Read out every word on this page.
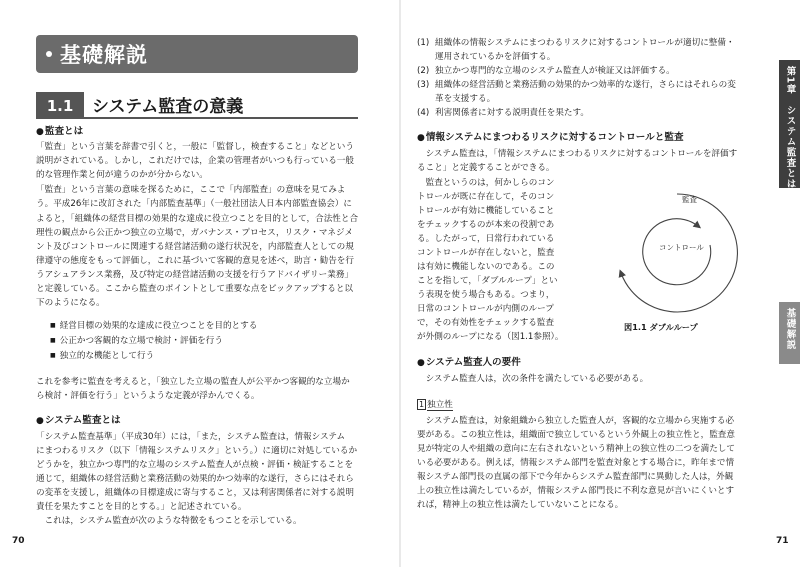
基礎解説
1.1	システム監査の意義
● 監査とは
「監査」という言葉を辞書で引くと，一般に「監督し，検査すること」などという
説明がされている。しかし，これだけでは，企業の管理者がいつも行っている一般
的な管理作業と何が違うのかが分からない。
「監査」という言葉の意味を探るために，ここで「内部監査」の意味を見てみよ
う。平成26年に改訂された「内部監査基準」（一般社団法人日本内部監査協会）に
よると，「組織体の経営目標の効果的な達成に役立つことを目的として，合法性と合
理性の観点から公正かつ独立の立場で，ガバナンス・プロセス，リスク・マネジメ
ント及びコントロールに関連する経営諸活動の遂行状況を，内部監査人としての規
律遵守の態度をもって評価し，これに基づいて客観的意見を述べ，助言・勧告を行
うアシュアランス業務，及び特定の経営諸活動の支援を行うアドバイザリー業務」
と定義している。ここから監査のポイントとして重要な点をピックアップすると以
下のようになる。
■ 経営目標の効果的な達成に役立つことを目的とする
■ 公正かつ客観的な立場で検討・評価を行う
■ 独立的な機能として行う
これを参考に監査を考えると，「独立した立場の監査人が公平かつ客観的な立場か
ら検討・評価を行う」というような定義が浮かんでくる。
● システム監査とは
「システム監査基準」（平成30年）には，「また，システム監査は，情報システム
にまつわるリスク（以下「情報システムリスク」という。）に適切に対処しているか
どうかを，独立かつ専門的な立場のシステム監査人が点検・評価・検証することを
通じて，組織体の経営活動と業務活動の効果的かつ効率的な遂行，さらにはそれら
の変革を支援し，組織体の目標達成に寄与すること，又は利害関係者に対する説明
責任を果たすことを目的とする。」と記述されている。
　これは，システム監査が次のような特徴をもつことを示している。
70
(1) 組織体の情報システムにまつわるリスクに対するコントロールが適切に整備・
運用されているかを評価する。
(2) 独立かつ専門的な立場のシステム監査人が検証又は評価する。
(3) 組織体の経営活動と業務活動の効果的かつ効率的な遂行，さらにはそれらの変
革を支援する。
(4) 利害関係者に対する説明責任を果たす。
● 情報システムにまつわるリスクに対するコントロールと監査
　システム監査は，「情報システムにまつわるリスクに対するコントロールを評価す
ること」と定義することができる。
　監査というのは，何かしらのコン
トロールが既に存在して，そのコン
トロールが有効に機能していること
をチェックするのが本来の役割であ
る。したがって，日常行われている
コントロールが存在しないと，監査
は有効に機能しないのである。この
ことを指して，「ダブルループ」とい
う表現を使う場合もある。つまり，
日常のコントロールが内側のループ
で，その有効性をチェックする監査
が外側のループになる（図1.1参照）。
監査
コントロール
図1.1 ダブルループ
● システム監査人の要件
　システム監査人は，次の条件を満たしている必要がある。
1 独立性
　システム監査は，対象組織から独立した監査人が，客観的な立場から実施する必
要がある。この独立性は，組織面で独立しているという外観上の独立性と，監査意
見が特定の人や組織の意向に左右されないという精神上の独立性の二つを満たして
いる必要がある。例えば，情報システム部門を監査対象とする場合に，昨年まで情
報システム部門長の直属の部下で今年からシステム監査部門に異動した人は，外観
上の独立性は満たしているが，情報システム部門長に不利な意見が言いにくいとす
れば，精神上の独立性は満たしていないことになる。
71
第1章　システム監査とは
基礎解説
